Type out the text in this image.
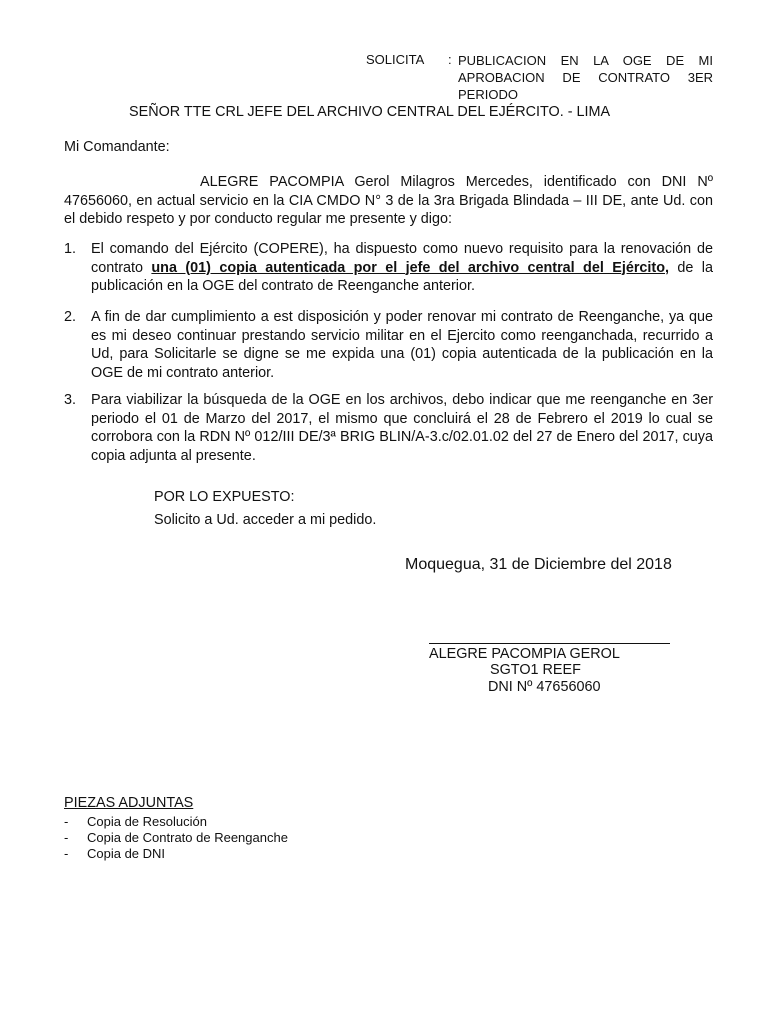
SOLICITA : PUBLICACION EN LA OGE DE MI APROBACION DE CONTRATO 3ER PERIODO
SEÑOR TTE CRL JEFE DEL ARCHIVO CENTRAL DEL EJÉRCITO. - LIMA
Mi Comandante:
ALEGRE PACOMPIA Gerol Milagros Mercedes, identificado con DNI Nº 47656060, en actual servicio en la CIA CMDO N° 3 de la 3ra Brigada Blindada – III DE, ante Ud. con el debido respeto y por conducto regular me presente y digo:
1. El comando del Ejército (COPERE), ha dispuesto como nuevo requisito para la renovación de contrato una (01) copia autenticada por el jefe del archivo central del Ejército, de la publicación en la OGE del contrato de Reenganche anterior.
2. A fin de dar cumplimiento a est disposición y poder renovar mi contrato de Reenganche, ya que es mi deseo continuar prestando servicio militar en el Ejercito como reenganchada, recurrido a Ud, para Solicitarle se digne se me expida una (01) copia autenticada de la publicación en la OGE de mi contrato anterior.
3. Para viabilizar la búsqueda de la OGE en los archivos, debo indicar que me reenganche en 3er periodo el 01 de Marzo del 2017, el mismo que concluirá el 28 de Febrero el 2019 lo cual se corrobora con la RDN Nº 012/III DE/3ª BRIG BLIN/A-3.c/02.01.02 del 27 de Enero del 2017, cuya copia adjunta al presente.
POR LO EXPUESTO:
Solicito a Ud. acceder a mi pedido.
Moquegua, 31 de Diciembre del 2018
ALEGRE PACOMPIA GEROL
SGTO1 REEF
DNI Nº 47656060
PIEZAS ADJUNTAS
- Copia de Resolución
- Copia de Contrato de Reenganche
- Copia de DNI
